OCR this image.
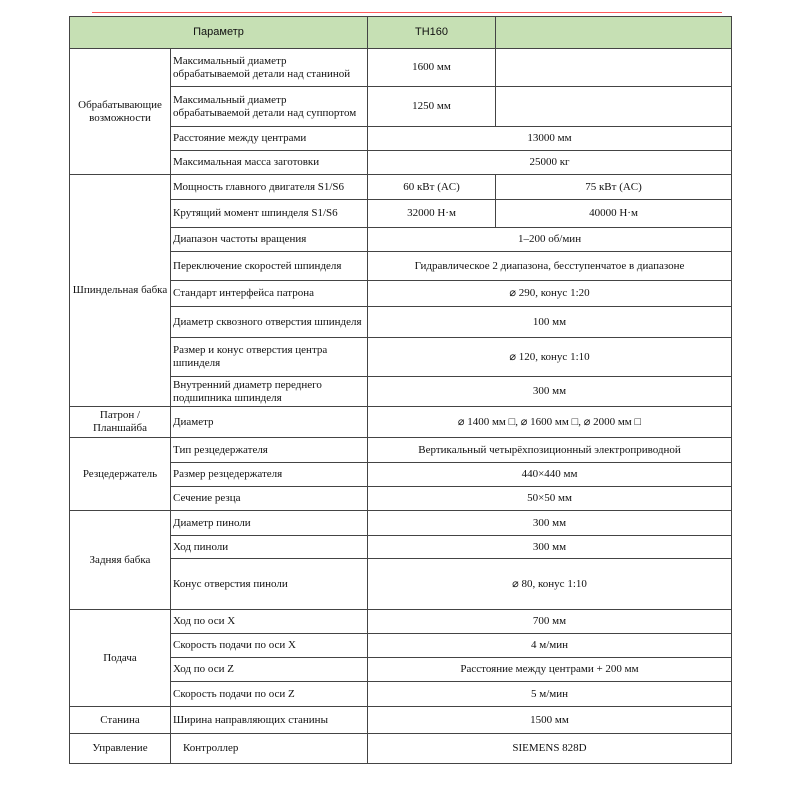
Параметр		TH160	
Обрабатывающие возможности	Максимальный диаметр обрабатываемой детали над станиной	1600 мм	
	Максимальный диаметр обрабатываемой детали над суппортом	1250 мм	
	Расстояние между центрами	13000 мм	
	Максимальная масса заготовки	25000 кг	
Шпиндельная бабка	Мощность главного двигателя S1/S6	60 кВт (AC)	75 кВт (AC)
	Крутящий момент шпинделя S1/S6	32000 Н·м	40000 Н·м
	Диапазон частоты вращения	1–200 об/мин	
	Переключение скоростей шпинделя	Гидравлическое 2 диапазона, бесступенчатое в диапазоне	
	Стандарт интерфейса патрона	⌀ 290, конус 1:20	
	Диаметр сквозного отверстия шпинделя	100 мм	
	Размер и конус отверстия центра шпинделя	⌀ 120, конус 1:10	
	Внутренний диаметр переднего подшипника шпинделя	300 мм	
Патрон / Планшайба	Диаметр	⌀ 1400 мм □, ⌀ 1600 мм □, ⌀ 2000 мм □	
Резцедержатель	Тип резцедержателя	Вертикальный четырёхпозиционный электроприводной	
	Размер резцедержателя	440×440 мм	
	Сечение резца	50×50 мм	
Задняя бабка	Диаметр пиноли	300 мм	
	Ход пиноли	300 мм	
	Конус отверстия пиноли	⌀ 80, конус 1:10	
Подача	Ход по оси X	700 мм	
	Скорость подачи по оси X	4 м/мин	
	Ход по оси Z	Расстояние между центрами + 200 мм	
	Скорость подачи по оси Z	5 м/мин	
Станина	Ширина направляющих станины	1500 мм	
Управление	Контроллер	SIEMENS 828D	
